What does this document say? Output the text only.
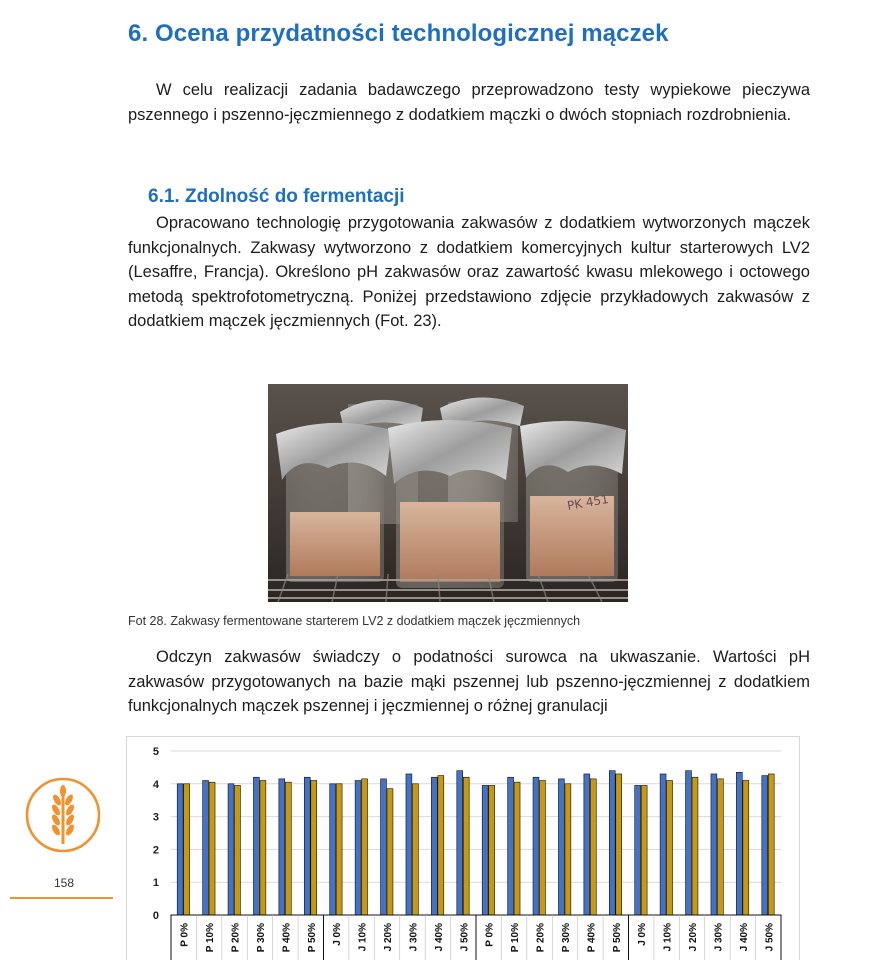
6. Ocena przydatności technologicznej mączek

W celu realizacji zadania badawczego przeprowadzono testy wypiekowe pieczywa pszennego i pszenno-jęczmiennego z dodatkiem mączki o dwóch stopniach rozdrobnienia.

6.1. Zdolność do fermentacji

Opracowano technologię przygotowania zakwasów z dodatkiem wytworzonych mączek funkcjonalnych. Zakwasy wytworzono z dodatkiem komercyjnych kultur starterowych LV2 (Lesaffre, Francja). Określono pH zakwasów oraz zawartość kwasu mlekowego i octowego metodą spektrofotometryczną. Poniżej przedstawiono zdjęcie przykładowych zakwasów z dodatkiem mączek jęczmiennych (Fot. 23).

PK 451
Fot 28. Zakwasy fermentowane starterem LV2 z dodatkiem mączek jęczmiennych

Odczyn zakwasów świadczy o podatności surowca na ukwaszanie. Wartości pH zakwasów przygotowanych na bazie mąki pszennej lub pszenno-jęczmiennej z dodatkiem funkcjonalnych mączek pszennej i jęczmiennej o różnej granulacji

0
1
2
3
4
5
P 0% P 10% P 20% P 30% P 40% P 50% J 0% J 10% J 20% J 30% J 40% J 50% P 0% P 10% P 20% P 30% P 40% P 50% J 0% J 10% J 20% J 30% J 40% J 50%
158
